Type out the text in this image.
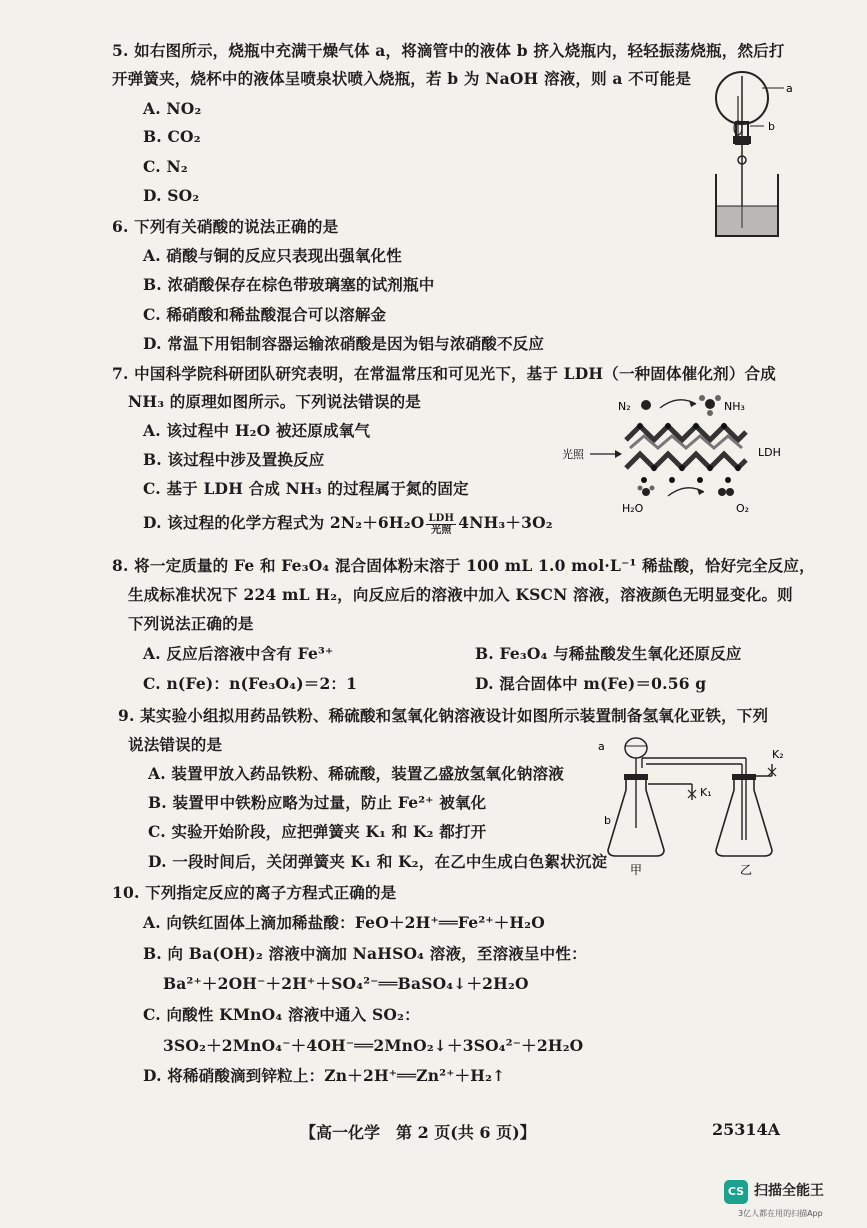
5. 如右图所示，烧瓶中充满干燥气体 a，将滴管中的液体 b 挤入烧瓶内，轻轻振荡烧瓶，然后打
开弹簧夹，烧杯中的液体呈喷泉状喷入烧瓶，若 b 为 NaOH 溶液，则 a 不可能是
A. NO₂
B. CO₂
C. N₂
D. SO₂
a
b
6. 下列有关硝酸的说法正确的是
A. 硝酸与铜的反应只表现出强氧化性
B. 浓硝酸保存在棕色带玻璃塞的试剂瓶中
C. 稀硝酸和稀盐酸混合可以溶解金
D. 常温下用铝制容器运输浓硝酸是因为铝与浓硝酸不反应
7. 中国科学院科研团队研究表明，在常温常压和可见光下，基于 LDH（一种固体催化剂）合成
NH₃ 的原理如图所示。下列说法错误的是
A. 该过程中 H₂O 被还原成氧气
B. 该过程中涉及置换反应
C. 基于 LDH 合成 NH₃ 的过程属于氮的固定
D. 该过程的化学方程式为 $2N_2+6H_2O \frac{\text{LDH}}{\text{光照}} 4NH_3+3O_2$
N₂	NH₃
光照	LDH
H₂O	O₂
8. 将一定质量的 Fe 和 Fe₃O₄ 混合固体粉末溶于 100 mL 1.0 mol·L⁻¹ 稀盐酸，恰好完全反应，
生成标准状况下 224 mL H₂，向反应后的溶液中加入 KSCN 溶液，溶液颜色无明显变化。则
下列说法正确的是
A. 反应后溶液中含有 Fe³⁺	B. Fe₃O₄ 与稀盐酸发生氧化还原反应
C. n(Fe)：n(Fe₃O₄)＝2：1	D. 混合固体中 m(Fe)＝0.56 g
9. 某实验小组拟用药品铁粉、稀硫酸和氢氧化钠溶液设计如图所示装置制备氢氧化亚铁，下列
说法错误的是
A. 装置甲放入药品铁粉、稀硫酸，装置乙盛放氢氧化钠溶液
B. 装置甲中铁粉应略为过量，防止 Fe²⁺ 被氧化
C. 实验开始阶段，应把弹簧夹 K₁ 和 K₂ 都打开
D. 一段时间后，关闭弹簧夹 K₁ 和 K₂，在乙中生成白色絮状沉淀
a
b
K₁
K₂
甲	乙
10. 下列指定反应的离子方程式正确的是
A. 向铁红固体上滴加稀盐酸：FeO＋2H⁺══Fe²⁺＋H₂O
B. 向 Ba(OH)₂ 溶液中滴加 NaHSO₄ 溶液，至溶液呈中性：
Ba²⁺＋2OH⁻＋2H⁺＋SO₄²⁻══BaSO₄↓＋2H₂O
C. 向酸性 KMnO₄ 溶液中通入 SO₂：
3SO₂＋2MnO₄⁻＋4OH⁻══2MnO₂↓＋3SO₄²⁻＋2H₂O
D. 将稀硝酸滴到锌粒上：Zn＋2H⁺══Zn²⁺＋H₂↑
【高一化学　第 2 页(共 6 页)】	25314A
CS 扫描全能王
3亿人都在用的扫描App
